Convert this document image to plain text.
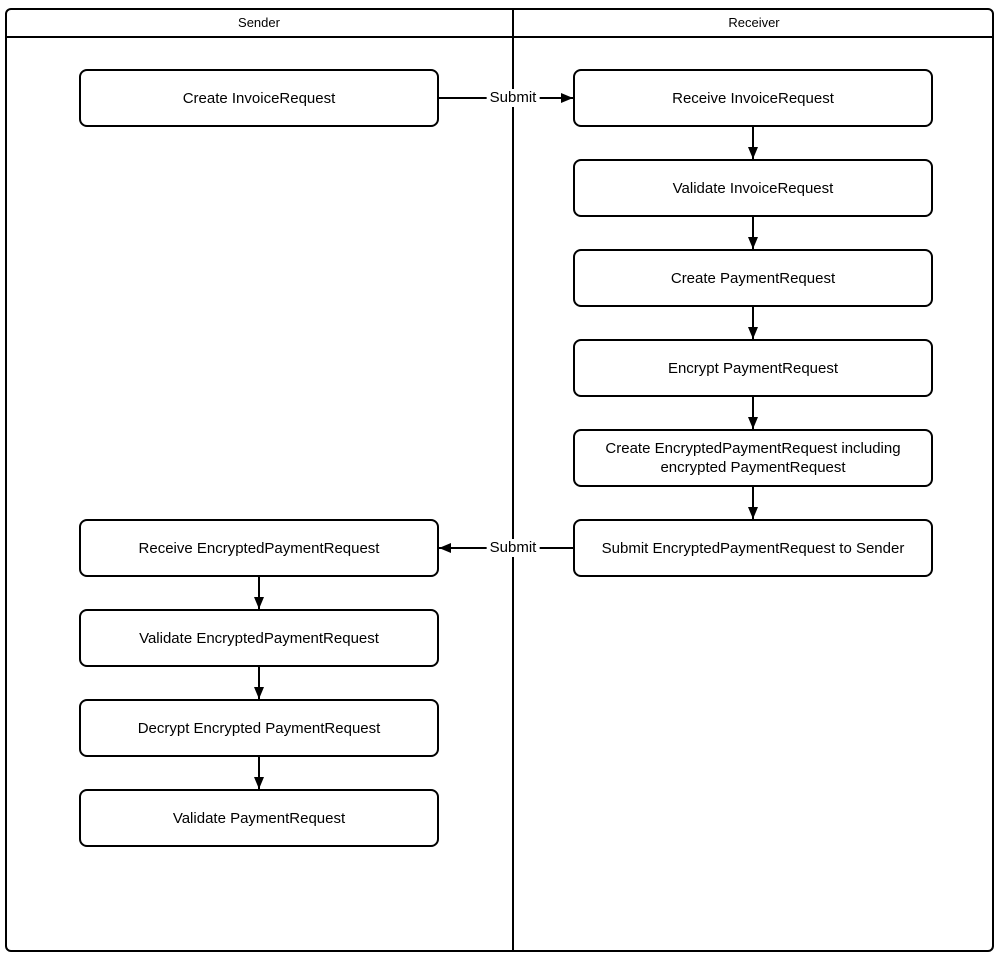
Sender	Receiver
Submit
Submit
Create InvoiceRequest
Receive EncryptedPaymentRequest
Validate EncryptedPaymentRequest
Decrypt Encrypted PaymentRequest
Validate PaymentRequest
Receive InvoiceRequest
Validate InvoiceRequest
Create PaymentRequest
Encrypt PaymentRequest
Create EncryptedPaymentRequest including encrypted PaymentRequest
Submit EncryptedPaymentRequest to Sender
